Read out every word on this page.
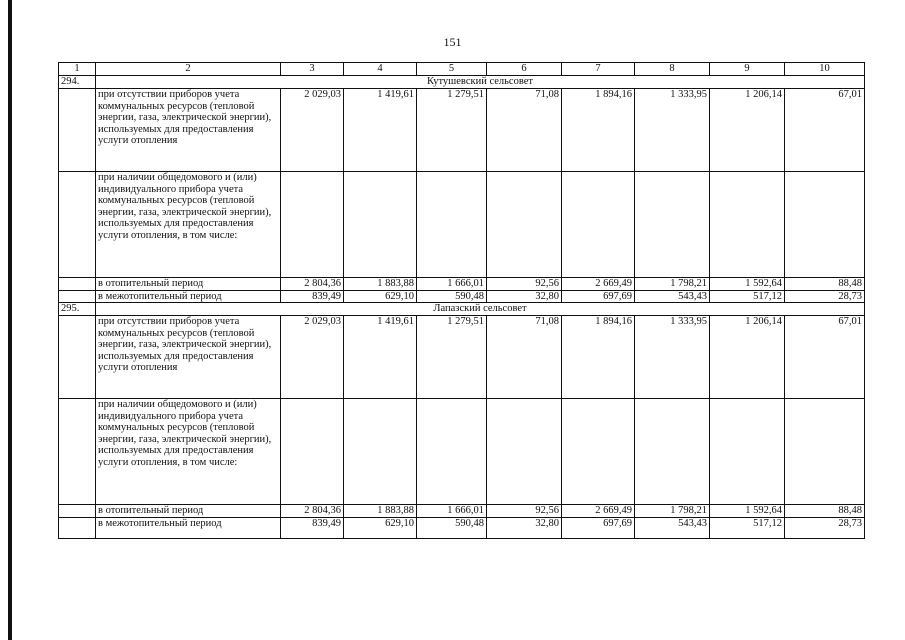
151
1	2	3	4	5	6	7	8	9	10
294.	Кутушевский сельсовет								
	при отсутствии приборов учета коммунальных ресурсов (тепловой энергии, газа, электрической энергии), используемых для предоставления услуги отопления	2 029,03	1 419,61	1 279,51	71,08	1 894,16	1 333,95	1 206,14	67,01
	при наличии общедомового и (или) индивидуального прибора учета коммунальных ресурсов (тепловой энергии, газа, электрической энергии), используемых для предоставления услуги отопления, в том числе:								
	в отопительный период	2 804,36	1 883,88	1 666,01	92,56	2 669,49	1 798,21	1 592,64	88,48
	в межотопительный период	839,49	629,10	590,48	32,80	697,69	543,43	517,12	28,73
295.	Лапазский сельсовет								
	при отсутствии приборов учета коммунальных ресурсов (тепловой энергии, газа, электрической энергии), используемых для предоставления услуги отопления	2 029,03	1 419,61	1 279,51	71,08	1 894,16	1 333,95	1 206,14	67,01
	при наличии общедомового и (или) индивидуального прибора учета коммунальных ресурсов (тепловой энергии, газа, электрической энергии), используемых для предоставления услуги отопления, в том числе:								
	в отопительный период	2 804,36	1 883,88	1 666,01	92,56	2 669,49	1 798,21	1 592,64	88,48
	в межотопительный период	839,49	629,10	590,48	32,80	697,69	543,43	517,12	28,73
